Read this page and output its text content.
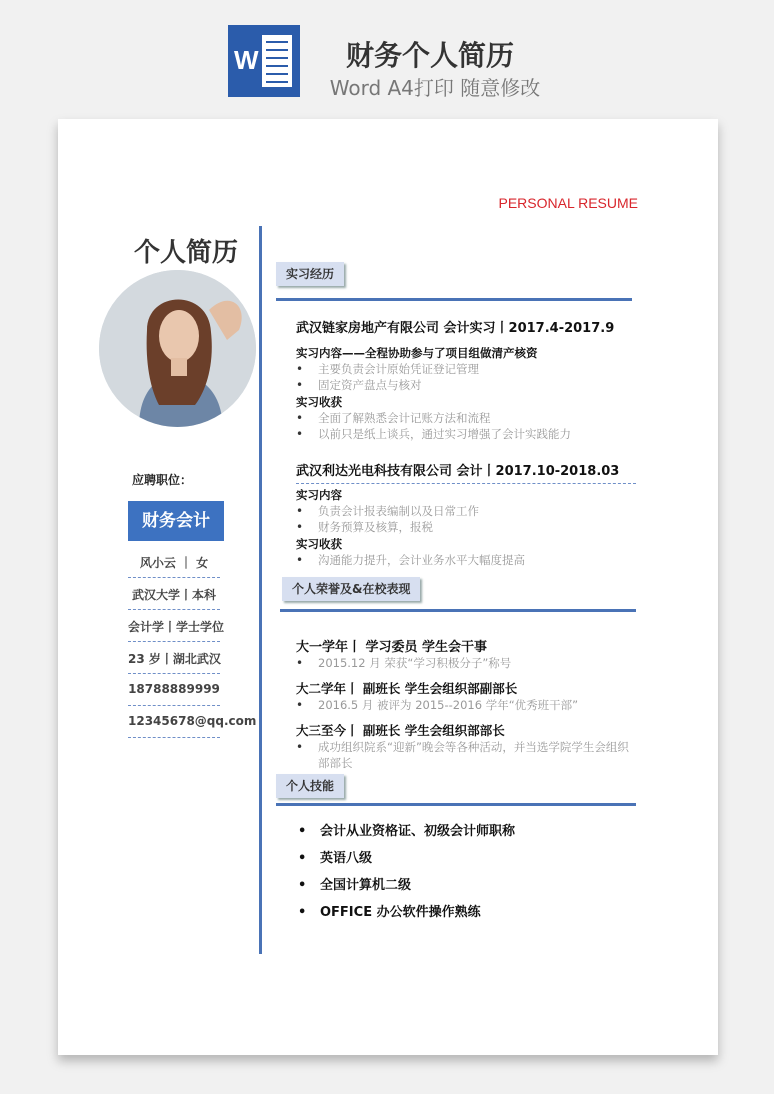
W	财务个人简历
Word A4打印 随意修改
PERSONAL RESUME
个人简历
应聘职位：
财务会计
风小云 ｜ 女
武汉大学丨本科
会计学丨学士学位
23 岁丨湖北武汉
18788889999
12345678@qq.com
实习经历
武汉链家房地产有限公司 会计实习丨2017.4-2017.9
实习内容——全程协助参与了项目组做清产核资
• 主要负责会计原始凭证登记管理
• 固定资产盘点与核对
实习收获
• 全面了解熟悉会计记账方法和流程
• 以前只是纸上谈兵，通过实习增强了会计实践能力
武汉利达光电科技有限公司 会计丨2017.10-2018.03
实习内容
• 负责会计报表编制以及日常工作
• 财务预算及核算，报税
实习收获
• 沟通能力提升，会计业务水平大幅度提高
个人荣誉及&在校表现
大一学年丨 学习委员 学生会干事
• 2015.12 月 荣获“学习积极分子”称号
大二学年丨 副班长 学生会组织部副部长
• 2016.5 月 被评为 2015--2016 学年“优秀班干部”
大三至今丨 副班长 学生会组织部部长
• 成功组织院系“迎新”晚会等各种活动，并当选学院学生会组织部部长
个人技能
• 会计从业资格证、初级会计师职称
• 英语八级
• 全国计算机二级
• OFFICE 办公软件操作熟练
